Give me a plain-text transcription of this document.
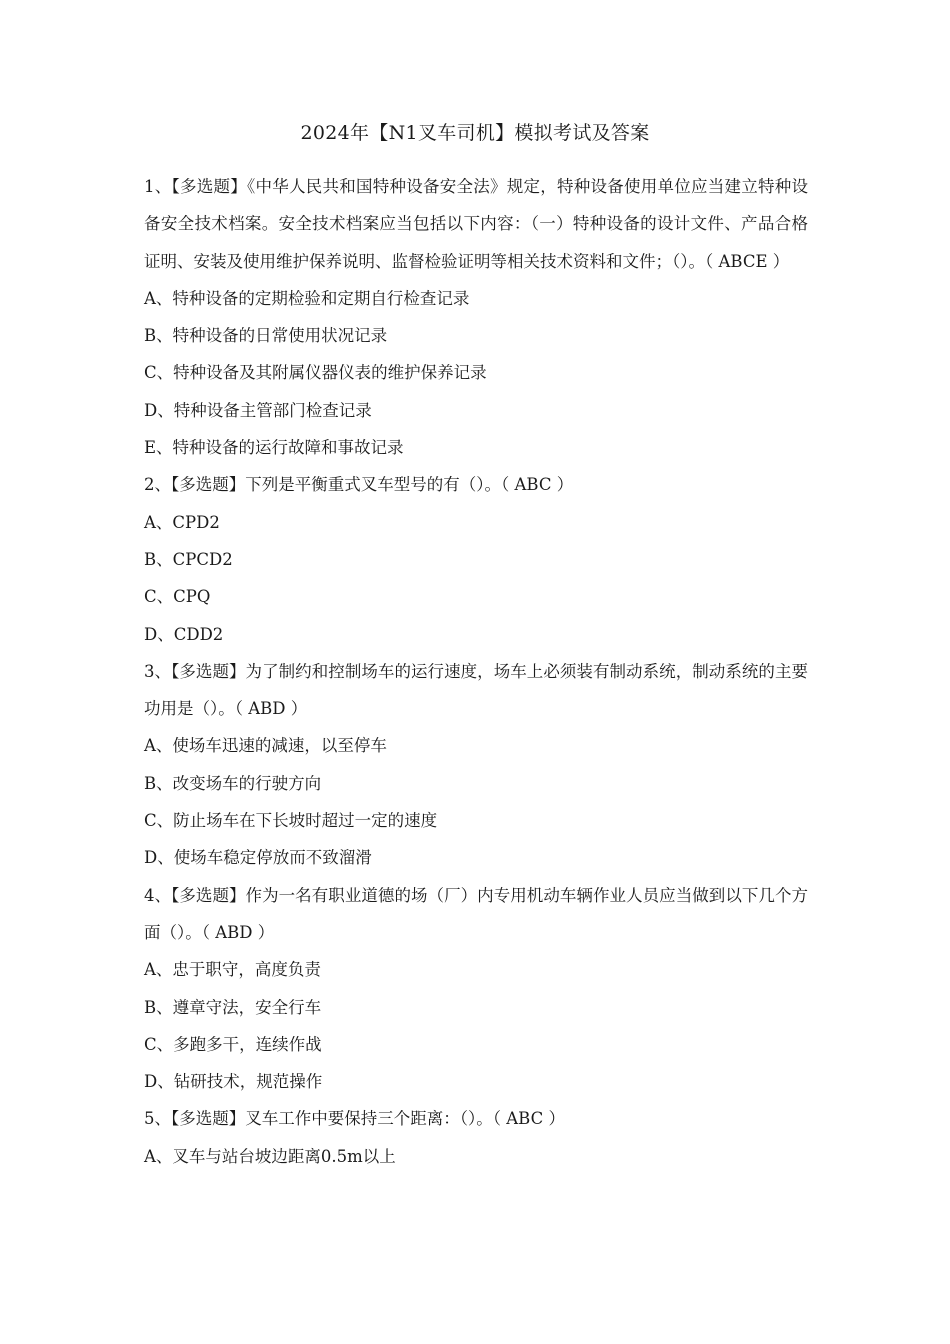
2024年【N1叉车司机】模拟考试及答案
1、【多选题】《中华人民共和国特种设备安全法》规定，特种设备使用单位应当建立特种设备安全技术档案。安全技术档案应当包括以下内容：（一）特种设备的设计文件、产品合格证明、安装及使用维护保养说明、监督检验证明等相关技术资料和文件；（）。（ ABCE ）
A、特种设备的定期检验和定期自行检查记录
B、特种设备的日常使用状况记录
C、特种设备及其附属仪器仪表的维护保养记录
D、特种设备主管部门检查记录
E、特种设备的运行故障和事故记录
2、【多选题】下列是平衡重式叉车型号的有（）。（ ABC ）
A、CPD2
B、CPCD2
C、CPQ
D、CDD2
3、【多选题】为了制约和控制场车的运行速度，场车上必须装有制动系统，制动系统的主要功用是（）。（ ABD ）
A、使场车迅速的减速，以至停车
B、改变场车的行驶方向
C、防止场车在下长坡时超过一定的速度
D、使场车稳定停放而不致溜滑
4、【多选题】作为一名有职业道德的场（厂）内专用机动车辆作业人员应当做到以下几个方面（）。（ ABD ）
A、忠于职守，高度负责
B、遵章守法，安全行车
C、多跑多干，连续作战
D、钻研技术，规范操作
5、【多选题】叉车工作中要保持三个距离：（）。（ ABC ）
A、叉车与站台坡边距离0.5m以上
